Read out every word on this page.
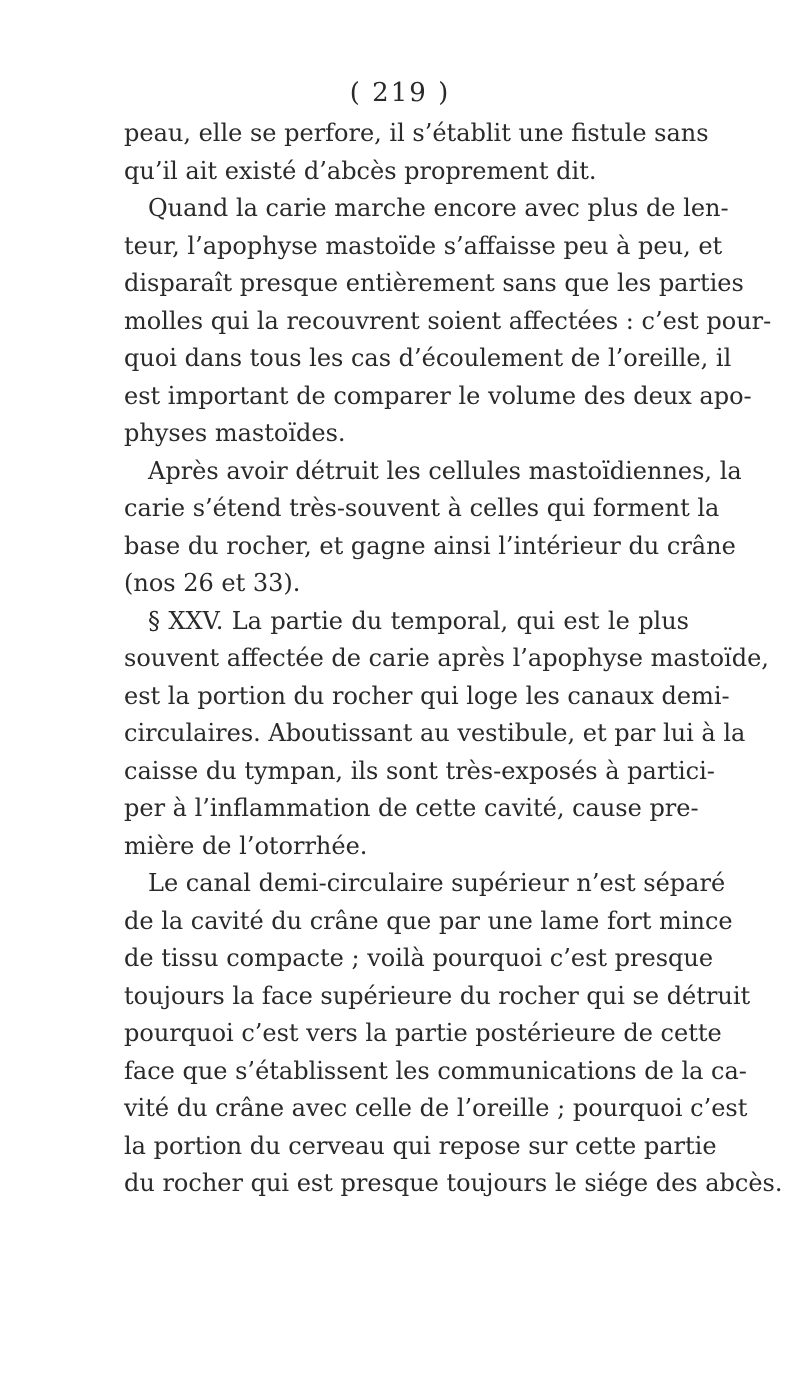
( 219 )
peau, elle se perfore, il s’établit une fistule sans
qu’il ait existé d’abcès proprement dit.
Quand la carie marche encore avec plus de len-
teur, l’apophyse mastoïde s’affaisse peu à peu, et
disparaît presque entièrement sans que les parties
molles qui la recouvrent soient affectées : c’est pour-
quoi dans tous les cas d’écoulement de l’oreille, il
est important de comparer le volume des deux apo-
physes mastoïdes.
Après avoir détruit les cellules mastoïdiennes, la
carie s’étend très-souvent à celles qui forment la
base du rocher, et gagne ainsi l’intérieur du crâne
(nos 26 et 33).
§ XXV. La partie du temporal, qui est le plus
souvent affectée de carie après l’apophyse mastoïde,
est la portion du rocher qui loge les canaux demi-
circulaires. Aboutissant au vestibule, et par lui à la
caisse du tympan, ils sont très-exposés à partici-
per à l’inflammation de cette cavité, cause pre-
mière de l’otorrhée.
Le canal demi-circulaire supérieur n’est séparé
de la cavité du crâne que par une lame fort mince
de tissu compacte ; voilà pourquoi c’est presque
toujours la face supérieure du rocher qui se détruit
pourquoi c’est vers la partie postérieure de cette
face que s’établissent les communications de la ca-
vité du crâne avec celle de l’oreille ; pourquoi c’est
la portion du cerveau qui repose sur cette partie
du rocher qui est presque toujours le siége des abcès.
